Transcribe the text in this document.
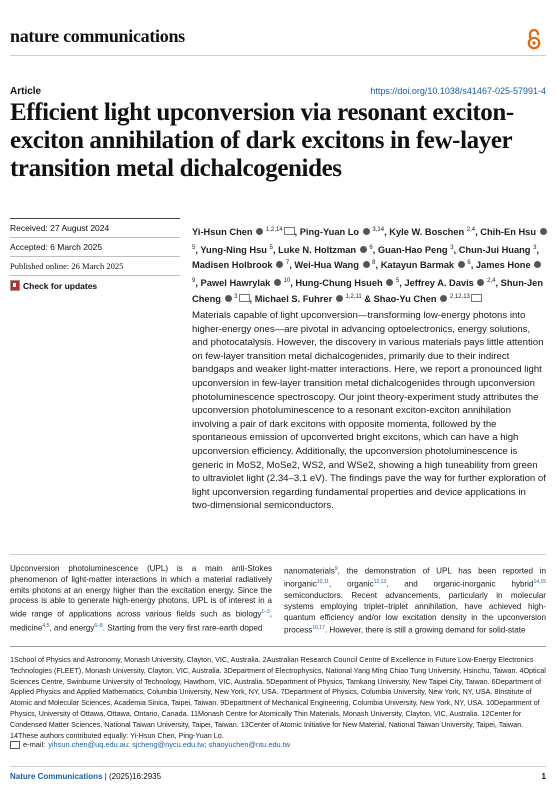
nature communications
Article	https://doi.org/10.1038/s41467-025-57991-4
Efficient light upconversion via resonant exciton-exciton annihilation of dark excitons in few-layer transition metal dichalcogenides
Received: 27 August 2024
Accepted: 6 March 2025
Published online: 26 March 2025
Check for updates
Yi-Hsun Chen  $^{1,2,14}$ , Ping-Yuan Lo  $^{3,14}$, Kyle W. Boschen $^{2,4}$, Chih-En Hsu  $^5$, Yung-Ning Hsu $^5$, Luke N. Holtzman  $^6$, Guan-Hao Peng $^3$, Chun-Jui Huang $^3$, Madisen Holbrook  $^7$, Wei-Hua Wang  $^8$, Katayun Barmak  $^6$, James Hone  $^9$, Pawel Hawrylak  $^{10}$, Hung-Chung Hsueh  $^5$, Jeffrey A. Davis  $^{2,4}$, Shun-Jen Cheng  $^3$ , Michael S. Fuhrer  $^{1,2,11}$ & Shao-Yu Chen  $^{2,12,13}$

Materials capable of light upconversion—transforming low-energy photons into higher-energy ones—are pivotal in advancing optoelectronics, energy solutions, and photocatalysis. However, the discovery in various materials pays little attention on few-layer transition metal dichalcogenides, primarily due to their indirect bandgaps and weaker light-matter interactions. Here, we report a pronounced light upconversion in few-layer transition metal dichalcogenides through upconversion photoluminescence spectroscopy. Our joint theory-experiment study attributes the upconversion photoluminescence to a resonant exciton-exciton annihilation involving a pair of dark excitons with opposite momenta, followed by the spontaneous emission of upconverted bright excitons, which can have a high upconversion efficiency. Additionally, the upconversion photoluminescence is generic in MoS2, MoSe2, WS2, and WSe2, showing a high tuneability from green to ultraviolet light (2.34–3.1 eV). The findings pave the way for further exploration of light upconversion regarding fundamental properties and device applications in two-dimensional semiconductors.

Upconversion photoluminescence (UPL) is a main anti-Stokes phenomenon of light-matter interactions in which a material radiatively emits photons at an energy higher than the excitation energy. Since the process is able to generate high-energy photons, UPL is of interest in a wide range of applications across various fields such as biology$^{1-3}$, medicine$^{4,5}$, and energy$^{6-8}$. Starting from the very first rare-earth doped

nanomaterials$^9$, the demonstration of UPL has been reported in inorganic$^{10,11}$, organic$^{12,13}$, and organic-inorganic hybrid$^{14,15}$ semiconductors. Recent advancements, particularly in molecular systems employing triplet–triplet annihilation, have achieved high-quantum efficiency and/or low excitation density in the upconversion process$^{16,17}$. However, there is still a growing demand for solid-state

1School of Physics and Astronomy, Monash University, Clayton, VIC, Australia. 2Australian Research Council Centre of Excellence in Future Low-Energy Electronics Technologies (FLEET), Monash University, Clayton, VIC, Australia. 3Department of Electrophysics, National Yang Ming Chiao Tung University, Hsinchu, Taiwan. 4Optical Sciences Centre, Swinburne University of Technology, Hawthorn, VIC, Australia. 5Department of Physics, Tamkang University, New Taipei City, Taiwan. 6Department of Applied Physics and Applied Mathematics, Columbia University, New York, NY, USA. 7Department of Physics, Columbia University, New York, NY, USA. 8Institute of Atomic and Molecular Sciences, Academia Sinica, Taipei, Taiwan. 9Department of Mechanical Engineering, Columbia University, New York, NY, USA. 10Department of Physics, University of Ottawa, Ottawa, Ontario, Canada. 11Monash Centre for Atomically Thin Materials, Monash University, Clayton, VIC, Australia. 12Center for Condensed Matter Sciences, National Taiwan University, Taipei, Taiwan. 13Center of Atomic Initiative for New Material, National Taiwan University, Taipei, Taiwan. 14These authors contributed equally: Yi-Hsun Chen, Ping-Yuan Lo.

e-mail: yihsun.chen@uq.edu.au; sjcheng@nycu.edu.tw; shaoyuchen@ntu.edu.tw
Nature Communications | (2025)16:2935	1
